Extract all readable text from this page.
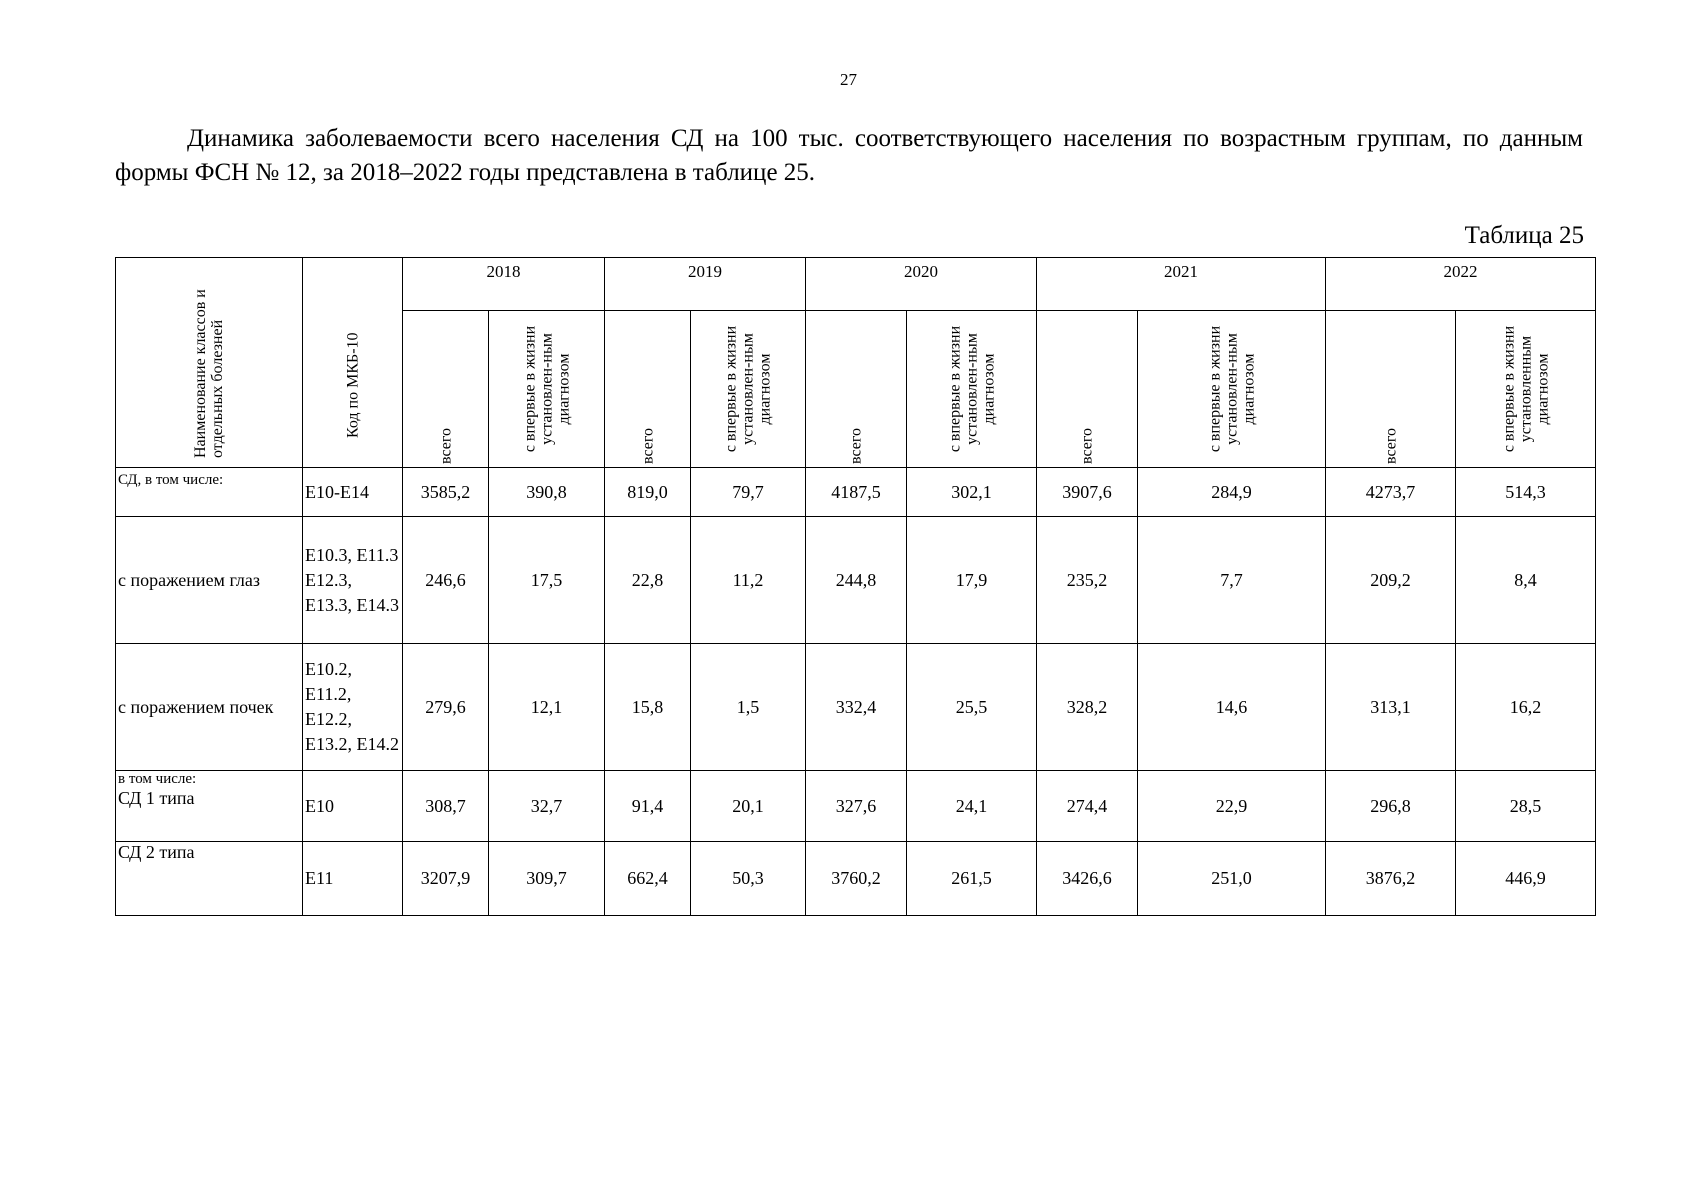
27

Динамика заболеваемости всего населения СД на 100 тыс. соответствующего населения по возрастным группам, по данным формы ФСН № 12, за 2018–2022 годы представлена в таблице 25.

Таблица 25
Наименование классов и отдельных болезней	Код по МКБ-10	2018		2019		2020		2021		2022	

		всего	с впервые в жизни установлен-ным диагнозом	всего	с впервые в жизни установлен-ным диагнозом	всего	с впервые в жизни установлен-ным диагнозом	всего	с впервые в жизни установлен-ным диагнозом	всего	с впервые в жизни установленным диагнозом

СД, в том числе:	E10-E14	3585,2	390,8	819,0	79,7	4187,5	302,1	3907,6	284,9	4273,7	514,3
с поражением глаз	E10.3, E11.3 E12.3, E13.3, E14.3	246,6	17,5	22,8	11,2	244,8	17,9	235,2	7,7	209,2	8,4
с поражением почек	E10.2, E11.2, E12.2, E13.2, E14.2	279,6	12,1	15,8	1,5	332,4	25,5	328,2	14,6	313,1	16,2

в том числе:
СД 1 типа	E10	308,7	32,7	91,4	20,1	327,6	24,1	274,4	22,9	296,8	28,5
СД 2 типа	E11	3207,9	309,7	662,4	50,3	3760,2	261,5	3426,6	251,0	3876,2	446,9
